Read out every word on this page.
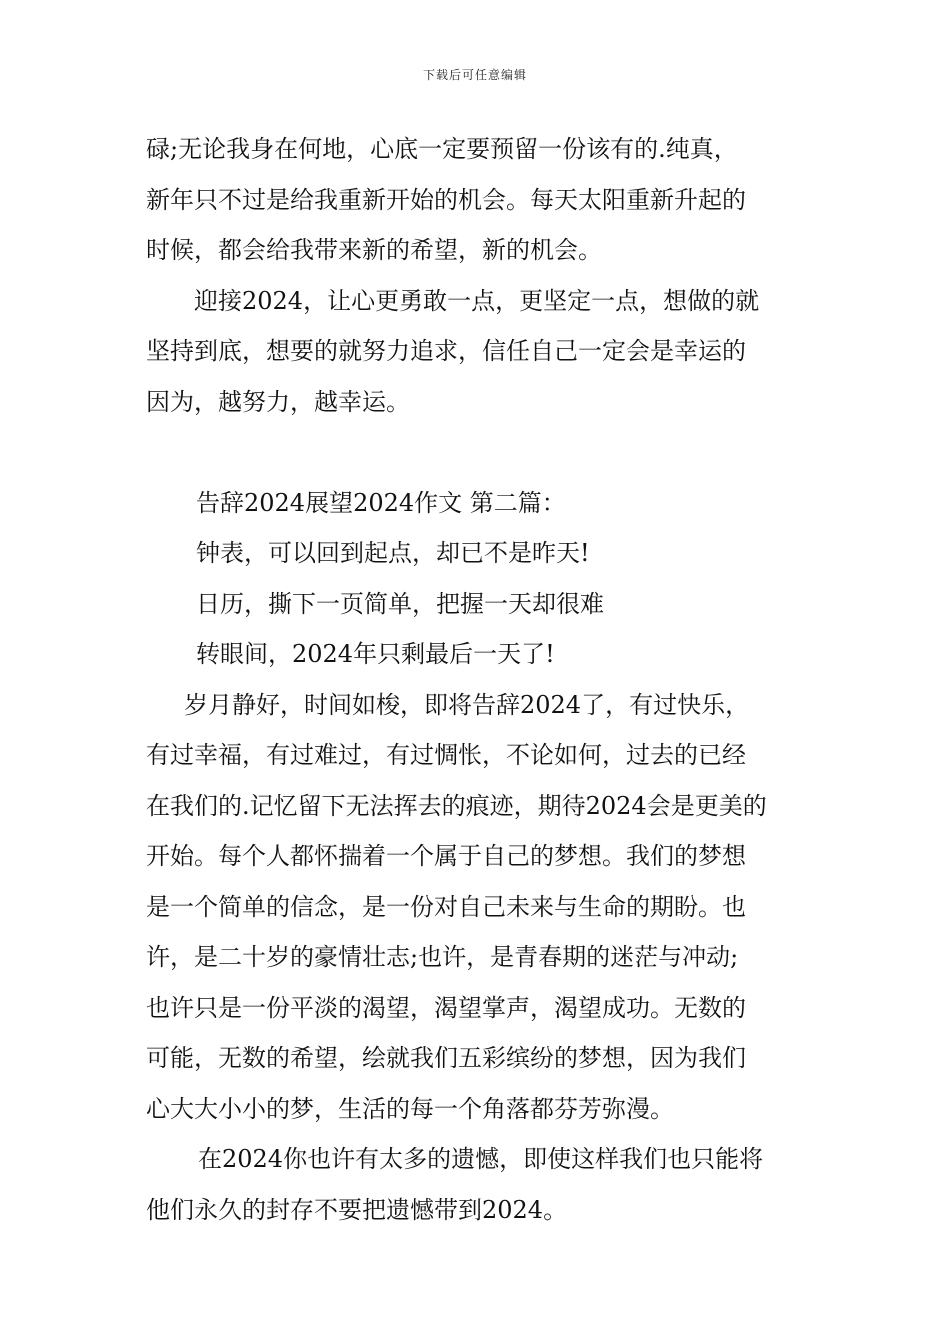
下载后可任意编辑
碌;无论我身在何地，心底一定要预留一份该有的.纯真，
新年只不过是给我重新开始的机会。每天太阳重新升起的
时候，都会给我带来新的希望，新的机会。
迎接2024，让心更勇敢一点，更坚定一点，想做的就
坚持到底，想要的就努力追求，信任自己一定会是幸运的
因为，越努力，越幸运。
告辞2024展望2024作文 第二篇：
钟表，可以回到起点，却已不是昨天!
日历，撕下一页简单，把握一天却很难
转眼间，2024年只剩最后一天了!
岁月静好，时间如梭，即将告辞2024了，有过快乐，
有过幸福，有过难过，有过惆怅，不论如何，过去的已经
在我们的.记忆留下无法挥去的痕迹，期待2024会是更美的
开始。每个人都怀揣着一个属于自己的梦想。我们的梦想
是一个简单的信念，是一份对自己未来与生命的期盼。也
许，是二十岁的豪情壮志;也许，是青春期的迷茫与冲动;
也许只是一份平淡的渴望，渴望掌声，渴望成功。无数的
可能，无数的希望，绘就我们五彩缤纷的梦想，因为我们
心大大小小的梦，生活的每一个角落都芬芳弥漫。
在2024你也许有太多的遗憾，即使这样我们也只能将
他们永久的封存不要把遗憾带到2024。
